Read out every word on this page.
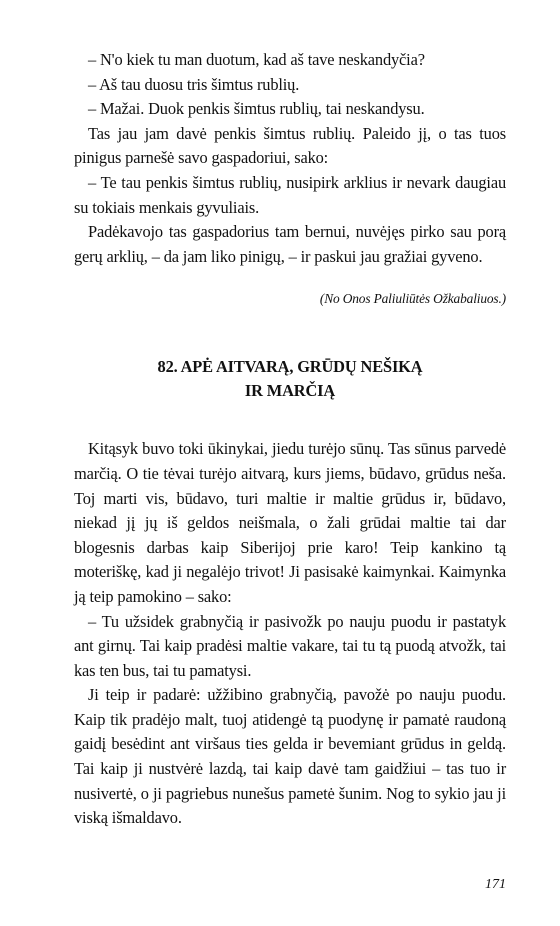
– N'o kiek tu man duotum, kad aš tave neskandyčia?

– Aš tau duosu tris šimtus rublių.

– Mažai. Duok penkis šimtus rublių, tai neskandysu.

Tas jau jam davė penkis šimtus rublių. Paleido jį, o tas tuos pinigus parnešė savo gaspadoriui, sako:

– Te tau penkis šimtus rublių, nusipirk arklius ir nevark daugiau su tokiais menkais gyvuliais.

Padėkavojo tas gaspadorius tam bernui, nuvėjęs pirko sau porą gerų arklių, – da jam liko pinigų, – ir paskui jau gražiai gyveno.

(No Onos Paliuliūtės Ožkabaliuos.)

82. APĖ AITVARĄ, GRŪDŲ NEŠIKĄ
IR MARČIĄ

Kitąsyk buvo toki ūkinykai, jiedu turėjo sūnų. Tas sūnus parvedė marčią. O tie tėvai turėjo aitvarą, kurs jiems, būdavo, grūdus neša. Toj marti vis, būdavo, turi maltie ir maltie grūdus ir, būdavo, niekad jį jų iš geldos neišmala, o žali grūdai maltie tai dar blogesnis darbas kaip Siberijoj prie karo! Teip kankino tą moteriškę, kad ji negalėjo trivot! Ji pasisakė kaimynkai. Kaimynka ją teip pamokino – sako:

– Tu užsidek grabnyčią ir pasivožk po nauju puodu ir pastatyk ant girnų. Tai kaip pradėsi maltie vakare, tai tu tą puodą atvožk, tai kas ten bus, tai tu pamatysi.

Ji teip ir padarė: užžibino grabnyčią, pavožė po nauju puodu. Kaip tik pradėjo malt, tuoj atidengė tą puodynę ir pamatė raudoną gaidį besėdint ant viršaus ties gelda ir bevemiant grūdus in geldą. Tai kaip ji nustvėrė lazdą, tai kaip davė tam gaidžiui – tas tuo ir nusivertė, o ji pagriebus nunešus pametė šunim. Nog to sykio jau ji viską išmaldavo.

171
